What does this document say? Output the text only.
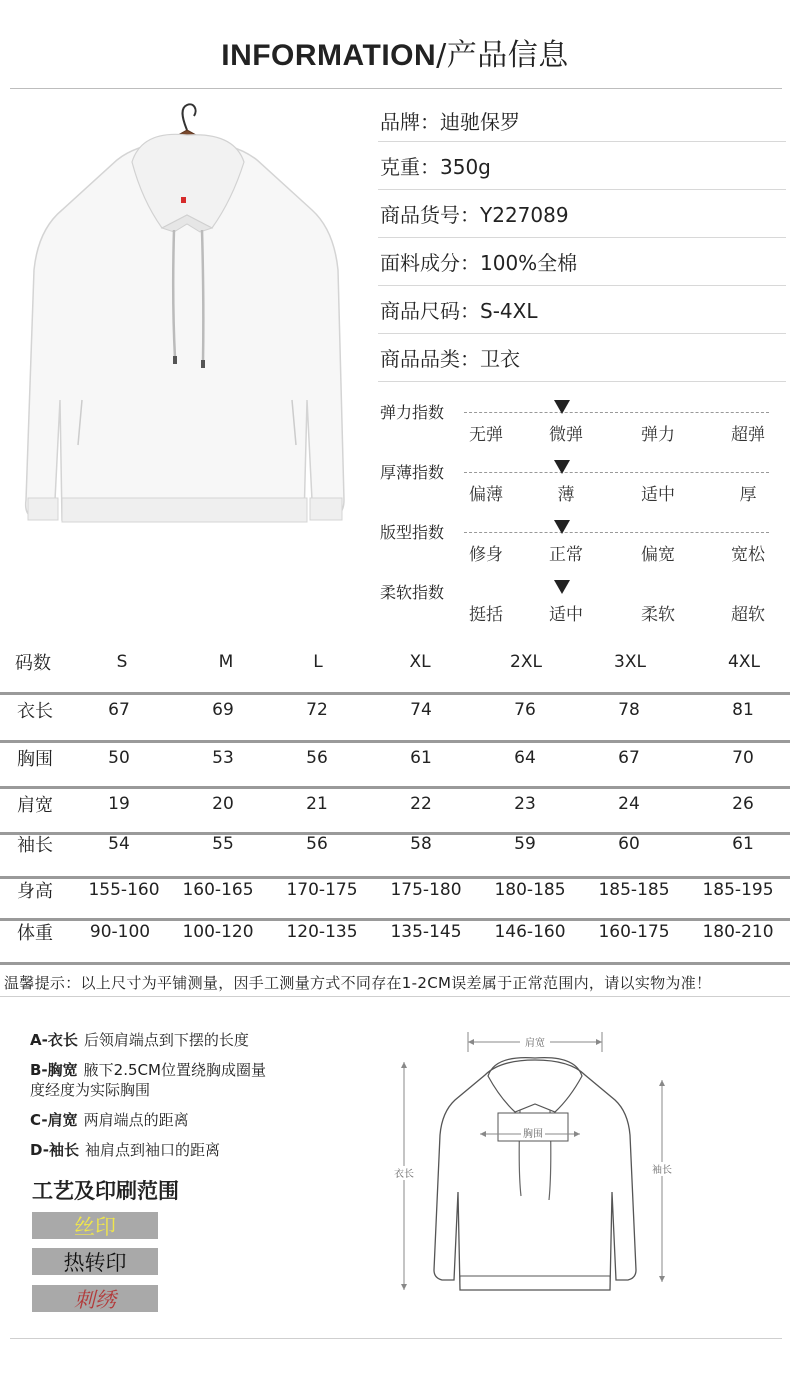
INFORMATION/产品信息
品牌：迪驰保罗
克重：350g
商品货号：Y227089
面料成分：100%全棉
商品尺码：S-4XL
商品品类：卫衣
弹力指数
无弹	微弹	弹力	超弹
厚薄指数
偏薄	薄	适中	厚
版型指数
修身	正常	偏宽	宽松
柔软指数
挺括	适中	柔软	超软
码数	S	M	L	XL	2XL	3XL	4XL
衣长	67	69	72	74	76	78	81
胸围	50	53	56	61	64	67	70
肩宽	19	20	21	22	23	24	26
袖长	54	55	56	58	59	60	61
身高	155-160	160-165	170-175	175-180	180-185	185-185	185-195
体重	90-100	100-120	120-135	135-145	146-160	160-175	180-210
温馨提示：以上尺寸为平铺测量，因手工测量方式不同存在1-2CM误差属于正常范围内，请以实物为准！
A-衣长 后领肩端点到下摆的长度
B-胸宽 腋下2.5CM位置绕胸成圈量度经度为实际胸围
C-肩宽 两肩端点的距离
D-袖长 袖肩点到袖口的距离
工艺及印刷范围
丝印
热转印
刺绣
肩宽
胸围
衣长	袖长
